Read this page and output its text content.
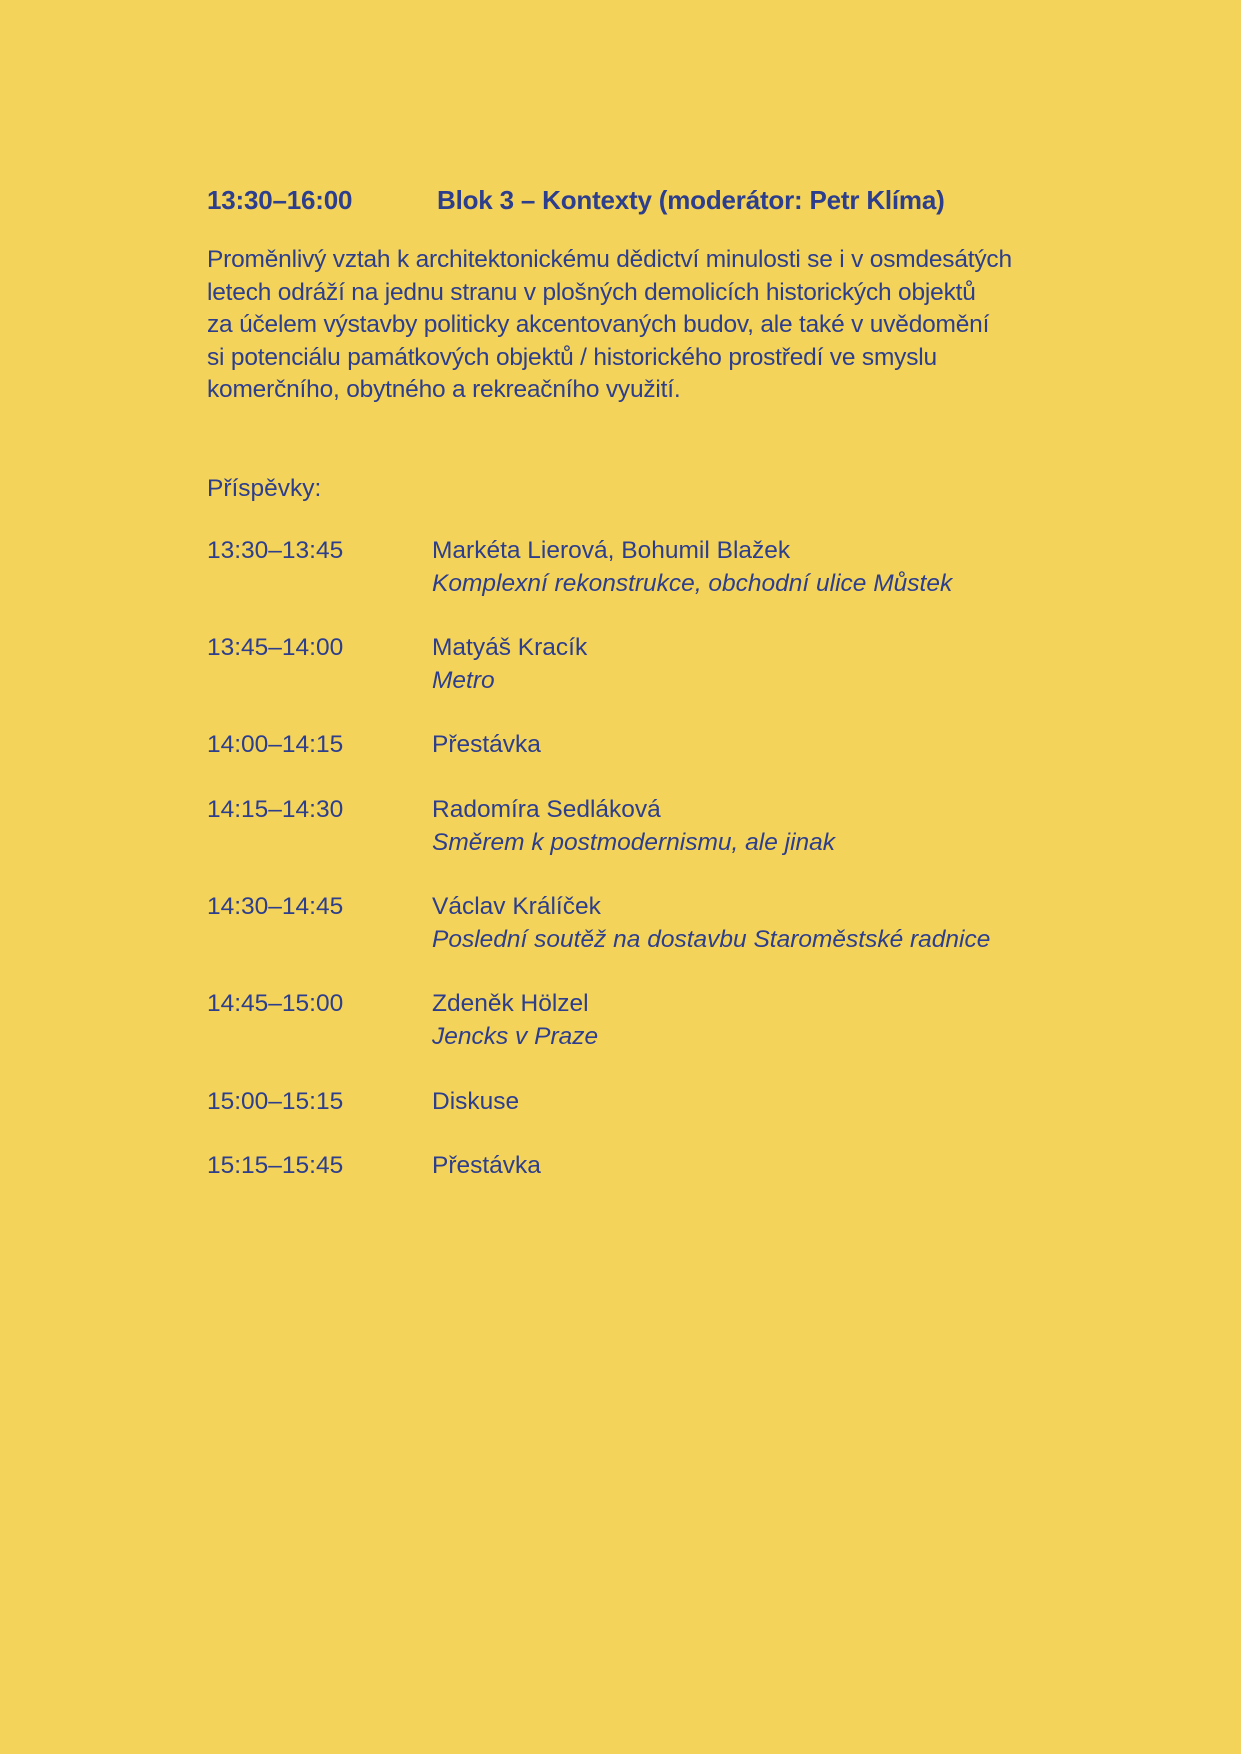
13:30–16:00	Blok 3 – Kontexty (moderátor: Petr Klíma)
Proměnlivý vztah k architektonickému dědictví minulosti se i v osmdesátých
letech odráží na jednu stranu v plošných demolicích historických objektů
za účelem výstavby politicky akcentovaných budov, ale také v uvědomění
si potenciálu památkových objektů / historického prostředí ve smyslu
komerčního, obytného a rekreačního využití.
Příspěvky:
13:30–13:45	Markéta Lierová, Bohumil Blažek
Komplexní rekonstrukce, obchodní ulice Můstek
13:45–14:00	Matyáš Kracík
Metro
14:00–14:15	Přestávka
14:15–14:30	Radomíra Sedláková
Směrem k postmodernismu, ale jinak
14:30–14:45	Václav Králíček
Poslední soutěž na dostavbu Staroměstské radnice
14:45–15:00	Zdeněk Hölzel
Jencks v Praze
15:00–15:15	Diskuse
15:15–15:45	Přestávka
